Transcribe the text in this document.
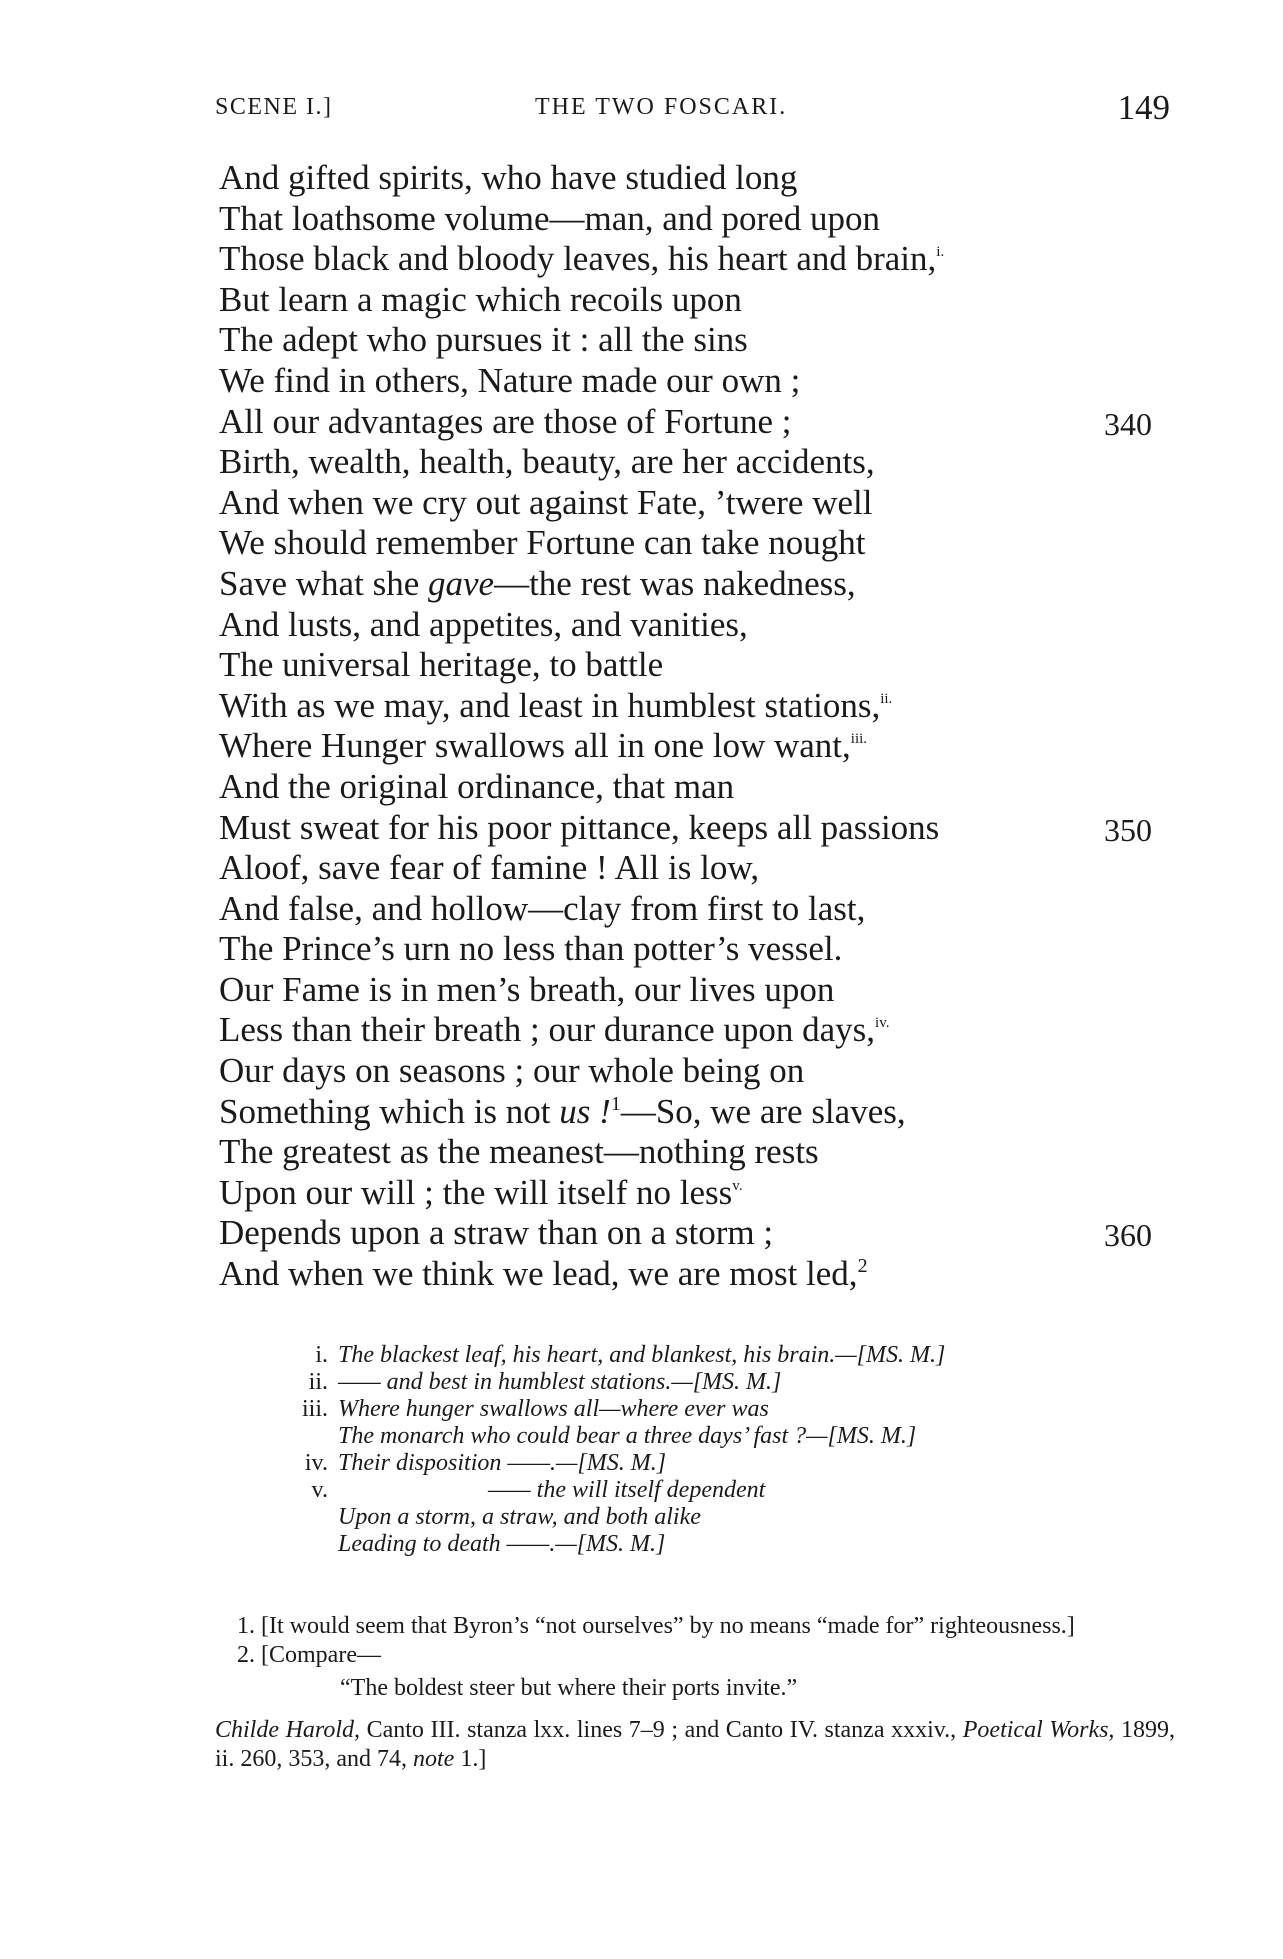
SCENE I.]	THE TWO FOSCARI.	149
And gifted spirits, who have studied long
That loathsome volume—man, and pored upon
Those black and bloody leaves, his heart and brain,$^{i.}$
But learn a magic which recoils upon
The adept who pursues it : all the sins
We find in others, Nature made our own ;
All our advantages are those of Fortune ;	340
Birth, wealth, health, beauty, are her accidents,
And when we cry out against Fate, ’twere well
We should remember Fortune can take nought
Save what she gave—the rest was nakedness,
And lusts, and appetites, and vanities,
The universal heritage, to battle
With as we may, and least in humblest stations,$^{ii.}$
Where Hunger swallows all in one low want,$^{iii.}$
And the original ordinance, that man
Must sweat for his poor pittance, keeps all passions	350
Aloof, save fear of famine ! All is low,
And false, and hollow—clay from first to last,
The Prince’s urn no less than potter’s vessel.
Our Fame is in men’s breath, our lives upon
Less than their breath ; our durance upon days,$^{iv.}$
Our days on seasons ; our whole being on
Something which is not us !$^1$—So, we are slaves,
The greatest as the meanest—nothing rests
Upon our will ; the will itself no less$^{v.}$
Depends upon a straw than on a storm ;	360
And when we think we lead, we are most led,$^2$
i. The blackest leaf, his heart, and blankest, his brain.—[MS. M.]
ii. —— and best in humblest stations.—[MS. M.]
iii. Where hunger swallows all—where ever was
The monarch who could bear a three days’ fast ?—[MS. M.]
iv. Their disposition ——.—[MS. M.]
v.	—— the will itself dependent
Upon a storm, a straw, and both alike
Leading to death ——.—[MS. M.]
1. [It would seem that Byron’s “not ourselves” by no means “made for” righteousness.]
2. [Compare—
“The boldest steer but where their ports invite.”
Childe Harold, Canto III. stanza lxx. lines 7–9 ; and Canto IV. stanza xxxiv., Poetical Works, 1899, ii. 260, 353, and 74, note 1.]
